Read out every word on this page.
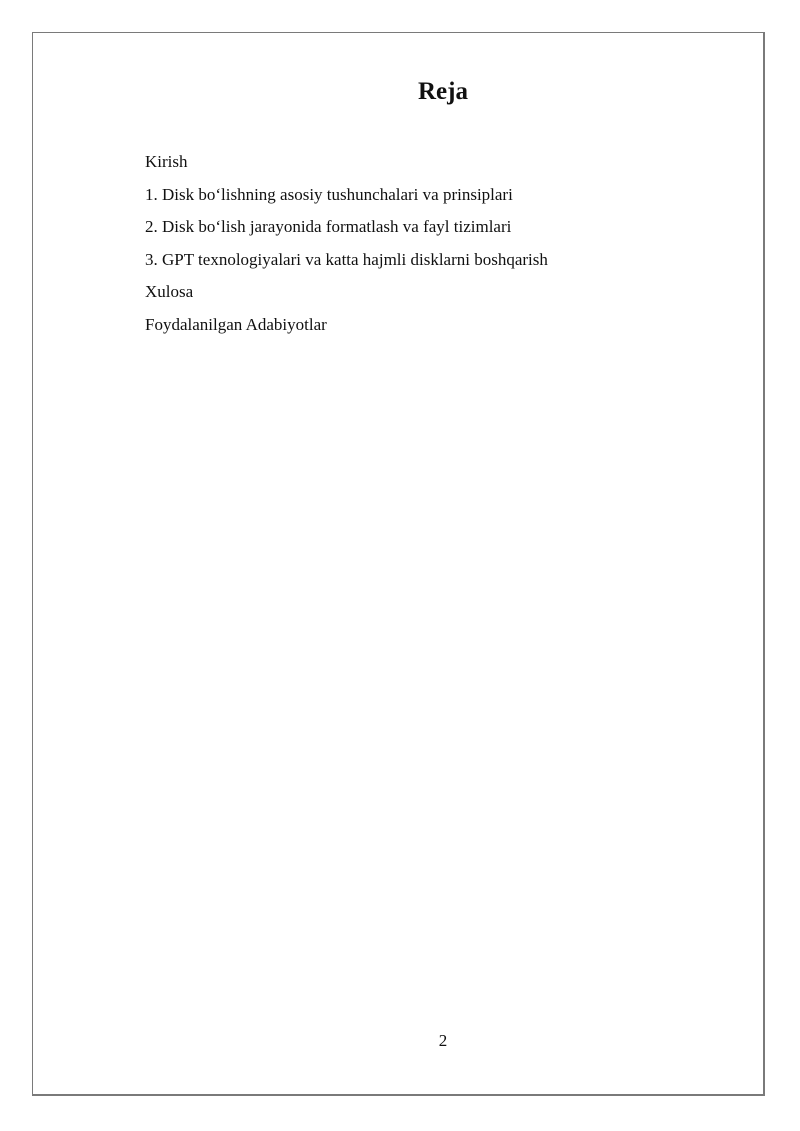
Reja
Kirish
1. Disk bo‘lishning asosiy tushunchalari va prinsiplari
2. Disk bo‘lish jarayonida formatlash va fayl tizimlari
3. GPT texnologiyalari va katta hajmli disklarni boshqarish
Xulosa
Foydalanilgan Adabiyotlar
2
